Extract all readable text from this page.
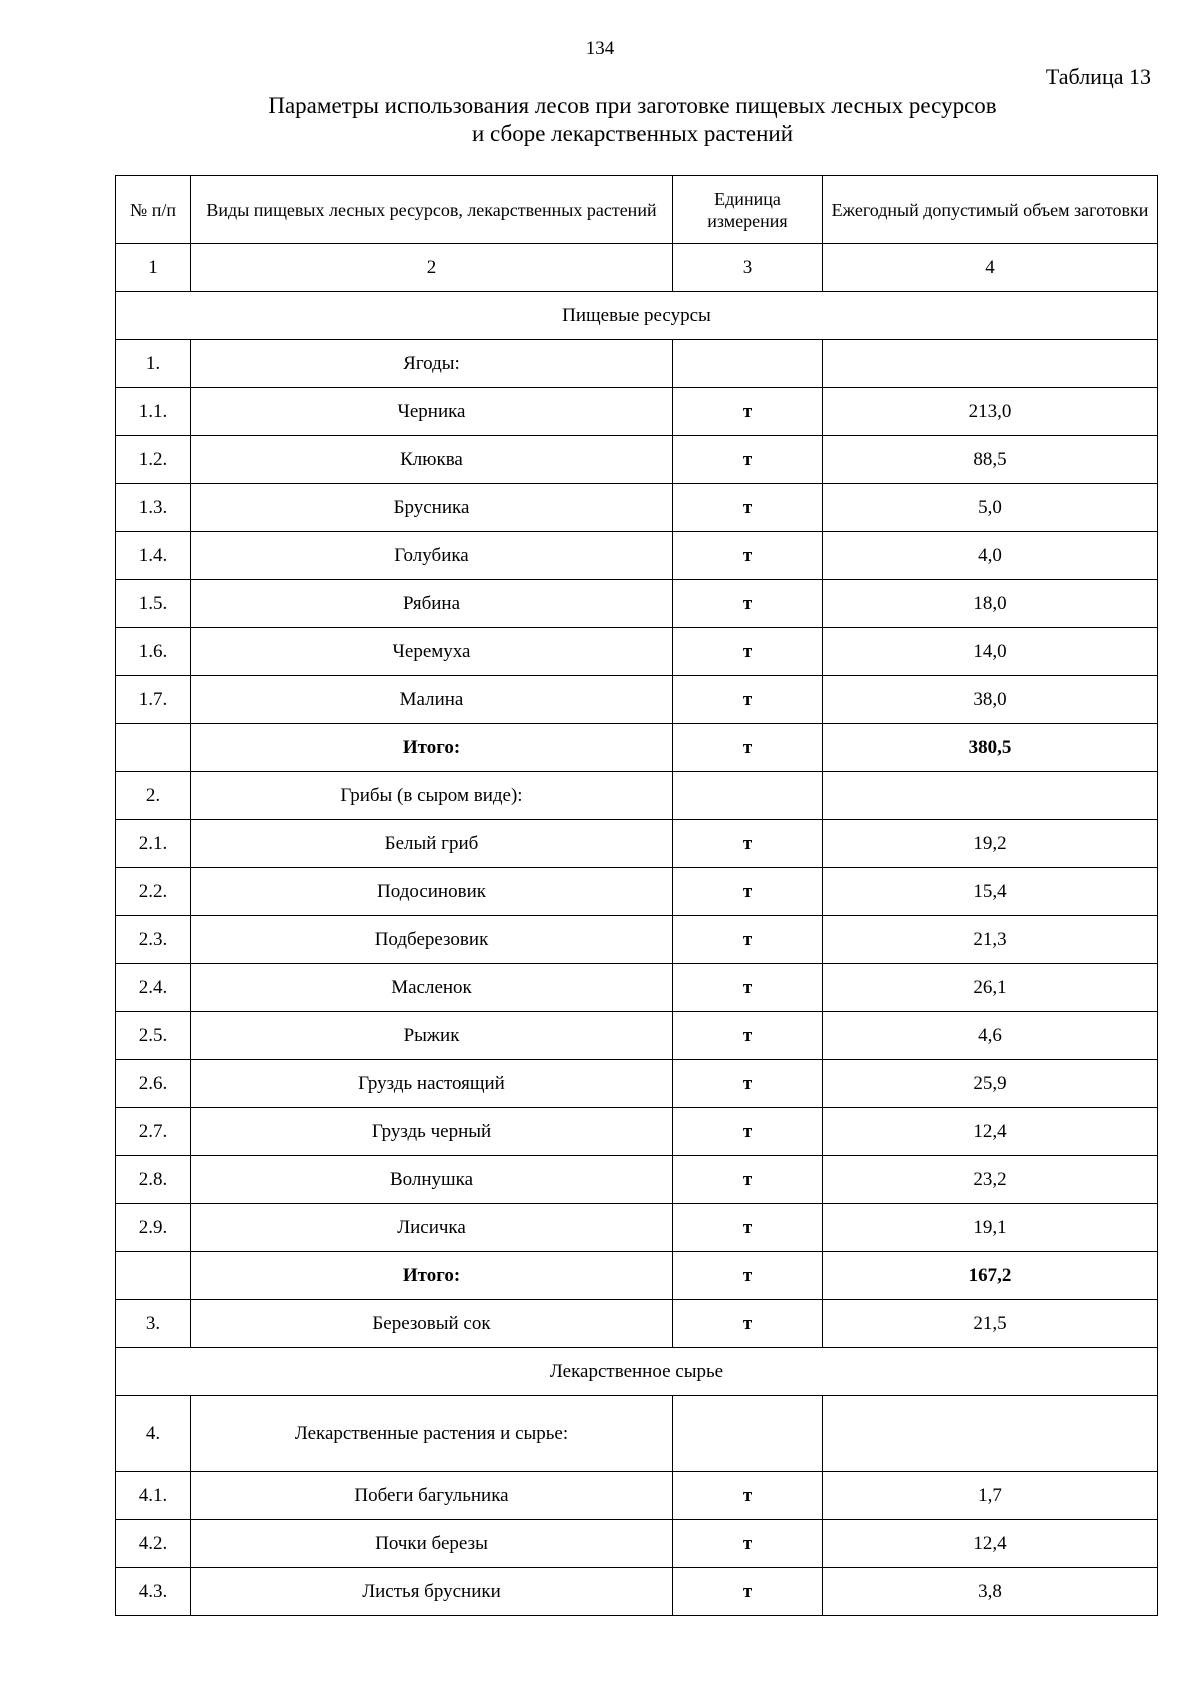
134
Таблица 13
Параметры использования лесов при заготовке пищевых лесных ресурсов
и сборе лекарственных растений
№ п/п	Виды пищевых лесных ресурсов, лекарственных растений	Единица измерения	Ежегодный допустимый объем заготовки
1	2	3	4
Пищевые ресурсы			
1.	Ягоды:		
1.1.	Черника	т	213,0
1.2.	Клюква	т	88,5
1.3.	Брусника	т	5,0
1.4.	Голубика	т	4,0
1.5.	Рябина	т	18,0
1.6.	Черемуха	т	14,0
1.7.	Малина	т	38,0
	Итого:	т	380,5
2.	Грибы (в сыром виде):		
2.1.	Белый гриб	т	19,2
2.2.	Подосиновик	т	15,4
2.3.	Подберезовик	т	21,3
2.4.	Масленок	т	26,1
2.5.	Рыжик	т	4,6
2.6.	Груздь настоящий	т	25,9
2.7.	Груздь черный	т	12,4
2.8.	Волнушка	т	23,2
2.9.	Лисичка	т	19,1
	Итого:	т	167,2
3.	Березовый сок	т	21,5
Лекарственное сырье			
4.	Лекарственные растения и сырье:		
4.1.	Побеги багульника	т	1,7
4.2.	Почки березы	т	12,4
4.3.	Листья брусники	т	3,8
